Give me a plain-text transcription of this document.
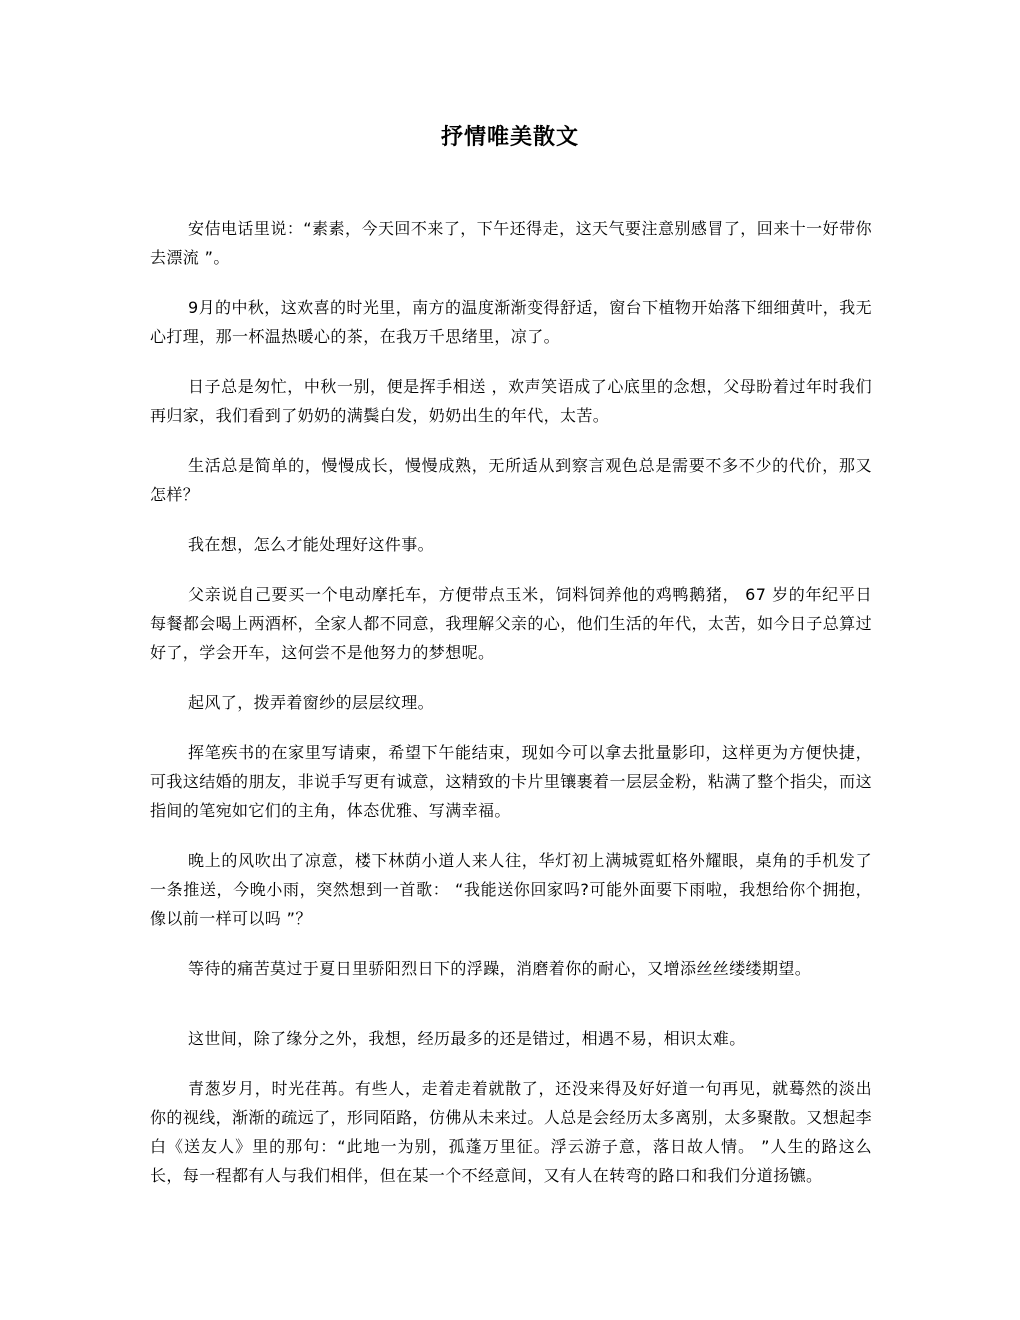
抒情唯美散文

安佶电话里说：“素素，今天回不来了，下午还得走，这天气要注意别感冒了，回来十一好带你去漂流 ”。

9月的中秋，这欢喜的时光里，南方的温度渐渐变得舒适，窗台下植物开始落下细细黄叶，我无心打理，那一杯温热暖心的茶，在我万千思绪里，凉了。

日子总是匆忙，中秋一别，便是挥手相送 ，欢声笑语成了心底里的念想，父母盼着过年时我们再归家，我们看到了奶奶的满鬓白发，奶奶出生的年代，太苦。

生活总是简单的，慢慢成长，慢慢成熟，无所适从到察言观色总是需要不多不少的代价，那又怎样？

我在想，怎么才能处理好这件事。

父亲说自己要买一个电动摩托车，方便带点玉米，饲料饲养他的鸡鸭鹅猪， 67 岁的年纪平日每餐都会喝上两酒杯，全家人都不同意，我理解父亲的心，他们生活的年代，太苦，如今日子总算过好了，学会开车，这何尝不是他努力的梦想呢。

起风了，拨弄着窗纱的层层纹理。

挥笔疾书的在家里写请柬，希望下午能结束，现如今可以拿去批量影印，这样更为方便快捷，可我这结婚的朋友，非说手写更有诚意，这精致的卡片里镶裹着一层层金粉，粘满了整个指尖，而这指间的笔宛如它们的主角，体态优雅、写满幸福。

晚上的风吹出了凉意，楼下林荫小道人来人往，华灯初上满城霓虹格外耀眼，桌角的手机发了一条推送，今晚小雨，突然想到一首歌： “我能送你回家吗?可能外面要下雨啦，我想给你个拥抱，像以前一样可以吗 ”？

等待的痛苦莫过于夏日里骄阳烈日下的浮躁，消磨着你的耐心，又增添丝丝缕缕期望。

这世间，除了缘分之外，我想，经历最多的还是错过，相遇不易，相识太难。

青葱岁月，时光荏苒。有些人，走着走着就散了，还没来得及好好道一句再见，就蓦然的淡出你的视线，渐渐的疏远了，形同陌路，仿佛从未来过。人总是会经历太多离别，太多聚散。又想起李白《送友人》里的那句：“此地一为别，孤蓬万里征。浮云游子意，落日故人情。 ”人生的路这么长，每一程都有人与我们相伴，但在某一个不经意间，又有人在转弯的路口和我们分道扬镳。
